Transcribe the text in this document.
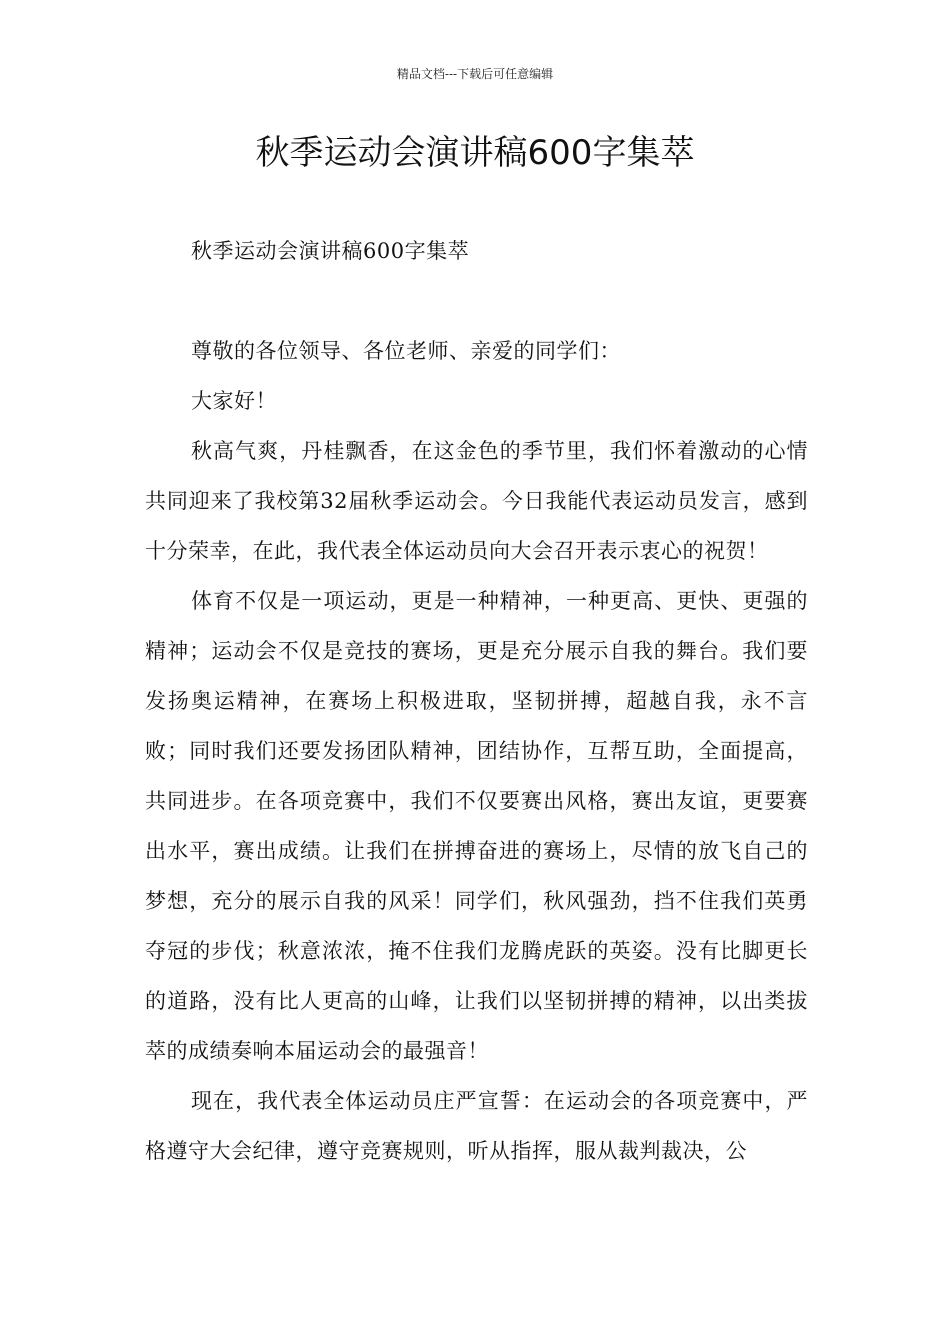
精品文档---下载后可任意编辑
秋季运动会演讲稿600字集萃

秋季运动会演讲稿600字集萃

尊敬的各位领导、各位老师、亲爱的同学们：

大家好！

秋高气爽，丹桂飘香，在这金色的季节里，我们怀着激动的心情共同迎来了我校第32届秋季运动会。今日我能代表运动员发言，感到十分荣幸，在此，我代表全体运动员向大会召开表示衷心的祝贺！

体育不仅是一项运动，更是一种精神，一种更高、更快、更强的精神；运动会不仅是竞技的赛场，更是充分展示自我的舞台。我们要发扬奥运精神，在赛场上积极进取，坚韧拼搏，超越自我，永不言败；同时我们还要发扬团队精神，团结协作，互帮互助，全面提高，共同进步。在各项竞赛中，我们不仅要赛出风格，赛出友谊，更要赛出水平，赛出成绩。让我们在拼搏奋进的赛场上，尽情的放飞自己的梦想，充分的展示自我的风采！同学们，秋风强劲，挡不住我们英勇夺冠的步伐；秋意浓浓，掩不住我们龙腾虎跃的英姿。没有比脚更长的道路，没有比人更高的山峰，让我们以坚韧拼搏的精神，以出类拔萃的成绩奏响本届运动会的最强音！

现在，我代表全体运动员庄严宣誓：在运动会的各项竞赛中，严格遵守大会纪律，遵守竞赛规则，听从指挥，服从裁判裁决，公
